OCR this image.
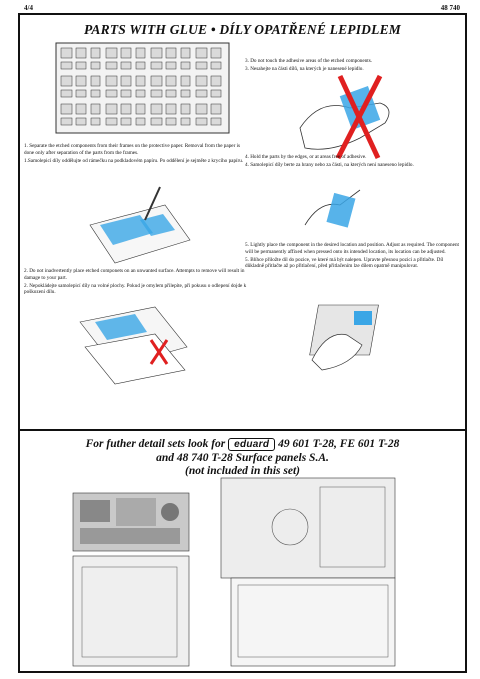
4/4	48 740
PARTS WITH GLUE • DÍLY OPATŘENÉ LEPIDLEM

3. Do not touch the adhesive areas of the etched components.

3. Nesahejte na části dílů, na kterých je nanesené lepidlo.

1. Separate the etched components from their frames on the protective paper. Removal from the paper is done only after separation of the parts from the frames.

1.Samolepicí díly oddělujte od rámečku na podkladovém papíru. Po oddělení je sejměte z krycího papíru.

4. Hold the parts by the edges, or at areas free of adhesive.

4. Samolepicí díly berte za hrany nebo za části, na kterých není naneseno lepidlo.

5. Lightly place the component in the desired location and position. Adjust as required. The component will be permanently affixed when pressed onto its intended location, its location can be adjusted.

5. Blíhce přiložte díl do pozice, ve které má být nalepen. Upravte přesnou pozici a přitlačte. Díl důkladně přitlačte až po přitlačení, před přitlačením lze dílem opatrně manipulovat.

2. Do not inadvertently place etched componets on an unwanted surface. Attempts to remove will result in damage to your part.

2. Nepokládejte samolepicí díly na volné plochy. Pokud je omylem přilepíte, při pokusu o odlepení dojde k poškození dílu.

For futher detail sets look for eduard 49 601 T-28, FE 601 T-28
and 48 740 T-28 Surface panels S.A.
(not included in this set)
